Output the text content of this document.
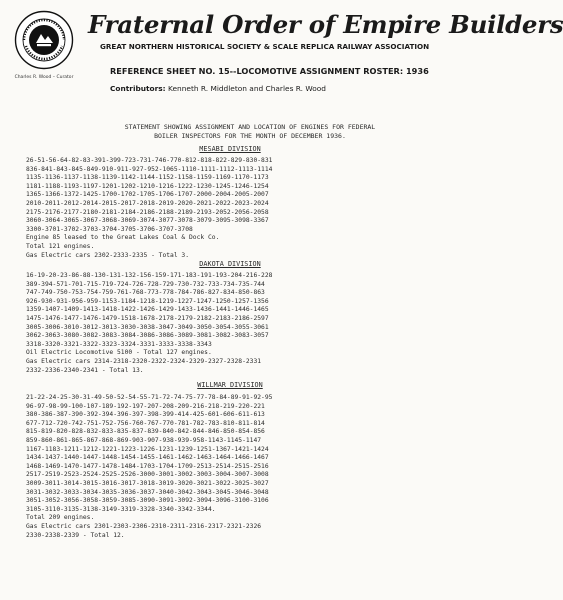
Charles R. Wood – Curator
Fraternal Order of Empire Builders
GREAT NORTHERN HISTORICAL SOCIETY & SCALE REPLICA RAILWAY ASSOCIATION
REFERENCE SHEET NO. 15--LOCOMOTIVE ASSIGNMENT ROSTER: 1936
Contributors: Kenneth R. Middleton and Charles R. Wood
STATEMENT SHOWING ASSIGNMENT AND LOCATION OF ENGINES FOR FEDERAL
BOILER INSPECTORS FOR THE MONTH OF DECEMBER 1936.
MESABI DIVISION
26-51-56-64-82-83-391-399-723-731-746-770-812-818-822-829-830-831
836-841-843-845-849-910-911-927-952-1065-1110-1111-1112-1113-1114
1135-1136-1137-1138-1139-1142-1144-1152-1158-1159-1169-1170-1173
1181-1188-1193-1197-1201-1202-1210-1216-1222-1230-1245-1246-1254
1365-1366-1372-1425-1700-1702-1705-1706-1707-2000-2004-2005-2007
2010-2011-2012-2014-2015-2017-2018-2019-2020-2021-2022-2023-2024
2175-2176-2177-2180-2181-2184-2186-2188-2189-2193-2052-2056-2058
3060-3064-3065-3067-3068-3069-3074-3077-3078-3079-3095-3098-3367
3300-3701-3702-3703-3704-3705-3706-3707-3708
Engine 85 leased to the Great Lakes Coal & Dock Co.
Total 121 engines.
Gas Electric cars 2302-2333-2335 - Total 3.
DAKOTA DIVISION
16-19-20-23-86-88-130-131-132-156-159-171-183-191-193-204-216-228
389-394-571-701-715-719-724-726-728-729-730-732-733-734-735-744
747-749-750-753-754-759-761-768-773-778-784-786-827-834-850-863
926-930-931-956-959-1153-1184-1218-1219-1227-1247-1250-1257-1356
1359-1407-1409-1413-1418-1422-1426-1429-1433-1436-1441-1446-1465
1475-1476-1477-1476-1479-1518-1678-2178-2179-2182-2183-2186-2597
3005-3006-3010-3012-3013-3030-3038-3047-3049-3050-3054-3055-3061
3062-3063-3080-3082-3083-3084-3086-3086-3089-3081-3082-3083-3057
3318-3320-3321-3322-3323-3324-3331-3333-3338-3343
Oil Electric Locomotive 5100 - Total 127 engines.
Gas Electric cars 2314-2318-2320-2322-2324-2329-2327-2328-2331
2332-2336-2340-2341 - Total 13.
WILLMAR DIVISION
21-22-24-25-30-31-49-50-52-54-55-71-72-74-75-77-78-84-89-91-92-95
96-97-98-99-100-107-189-192-197-207-208-209-216-218-219-220-221
380-386-387-390-392-394-396-397-398-399-414-425-601-606-611-613
677-712-720-742-751-752-756-760-767-770-781-782-783-810-811-814
815-819-820-828-832-833-835-837-839-840-842-844-846-850-854-856
859-860-861-865-867-868-869-903-907-938-939-958-1143-1145-1147
1167-1183-1211-1212-1221-1223-1226-1231-1239-1251-1367-1421-1424
1434-1437-1440-1447-1448-1454-1455-1461-1462-1463-1464-1466-1467
1468-1469-1470-1477-1478-1484-1703-1704-1709-2513-2514-2515-2516
2517-2519-2523-2524-2525-2526-3000-3001-3002-3003-3004-3007-3008
3009-3011-3014-3015-3016-3017-3018-3019-3020-3021-3022-3025-3027
3031-3032-3033-3034-3035-3036-3037-3040-3042-3043-3045-3046-3048
3051-3052-3056-3058-3059-3085-3090-3091-3092-3094-3096-3100-3106
3105-3110-3135-3138-3149-3319-3328-3340-3342-3344.
Total 209 engines.
Gas Electric cars 2301-2303-2306-2310-2311-2316-2317-2321-2326
2330-2338-2339 - Total 12.
